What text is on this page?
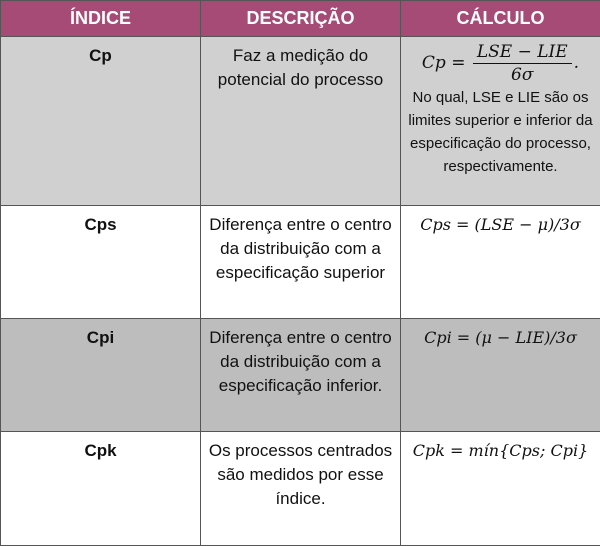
ÍNDICE	DESCRIÇÃO	CÁLCULO
Cp	Faz a medição do potencial do processo	$Cp = \frac{\text{LSE − LIE}}{6\sigma}$ .
No qual, LSE e LIE são os limites superior e inferior da especificação do processo, respectivamente.

Cps	Diferença entre o centro da distribuição com a especificação superior	Cps = (LSE − μ)/3σ
Cpi	Diferença entre o centro da distribuição com a especificação inferior.	Cpi = (μ − LIE)/3σ
Cpk	Os processos centrados são medidos por esse índice.	Cpk = mín{Cps; Cpi}
